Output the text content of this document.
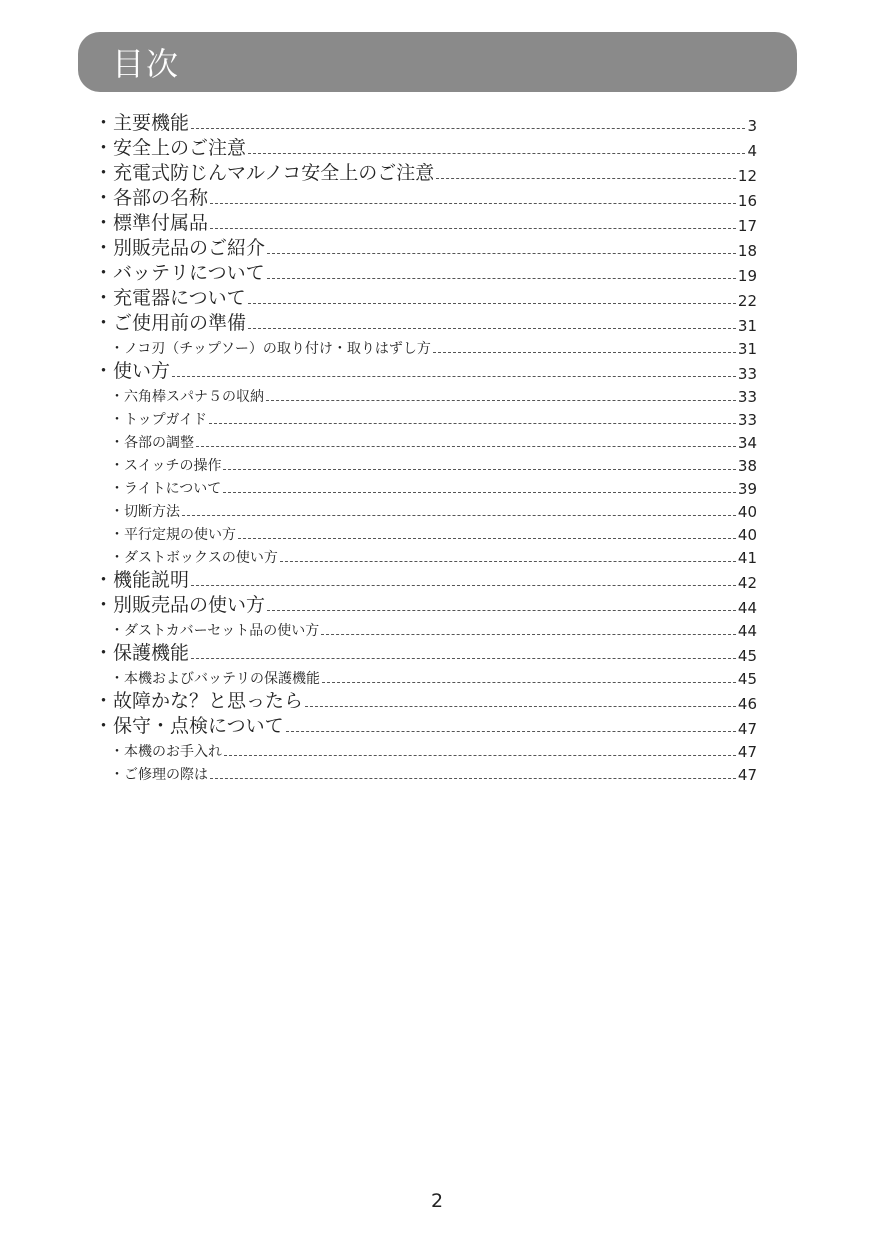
目次
・主要機能	3
・安全上のご注意	4
・充電式防じんマルノコ安全上のご注意	12
・各部の名称	16
・標準付属品	17
・別販売品のご紹介	18
・バッテリについて	19
・充電器について	22
・ご使用前の準備	31
・ノコ刃（チップソー）の取り付け・取りはずし方	31
・使い方	33
・六角棒スパナ５の収納	33
・トップガイド	33
・各部の調整	34
・スイッチの操作	38
・ライトについて	39
・切断方法	40
・平行定規の使い方	40
・ダストボックスの使い方	41
・機能説明	42
・別販売品の使い方	44
・ダストカバーセット品の使い方	44
・保護機能	45
・本機およびバッテリの保護機能	45
・故障かな？と思ったら	46
・保守・点検について	47
・本機のお手入れ	47
・ご修理の際は	47
2
